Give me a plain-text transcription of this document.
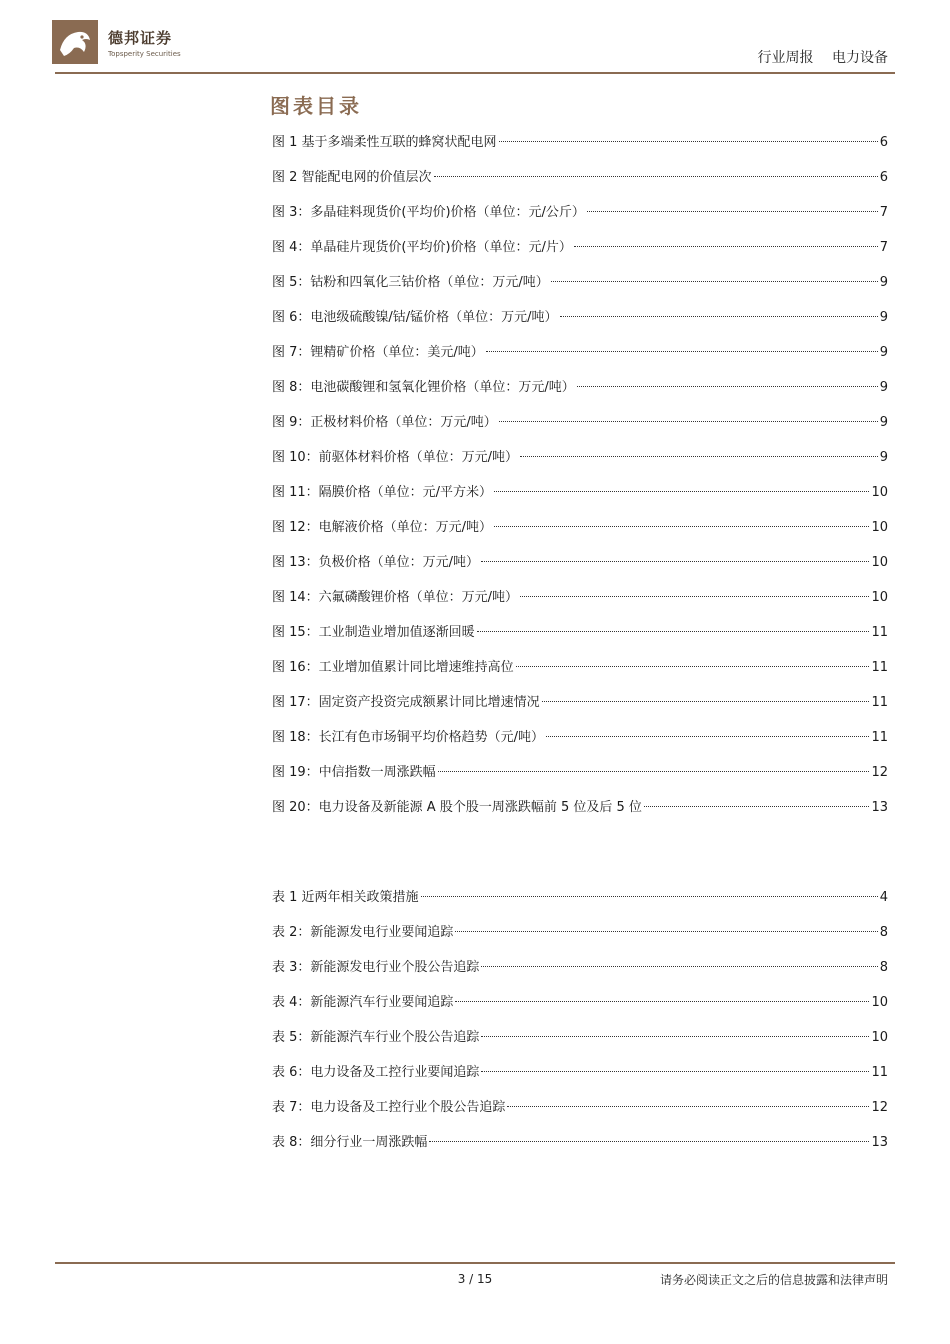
德邦证券
Topsperity Securities	行业周报 电力设备
图表目录
图 1 基于多端柔性互联的蜂窝状配电网	6
图 2 智能配电网的价值层次	6
图 3：多晶硅料现货价(平均价)价格（单位：元/公斤）	7
图 4：单晶硅片现货价(平均价)价格（单位：元/片）	7
图 5：钴粉和四氧化三钴价格（单位：万元/吨）	9
图 6：电池级硫酸镍/钴/锰价格（单位：万元/吨）	9
图 7：锂精矿价格（单位：美元/吨）	9
图 8：电池碳酸锂和氢氧化锂价格（单位：万元/吨）	9
图 9：正极材料价格（单位：万元/吨）	9
图 10：前驱体材料价格（单位：万元/吨）	9
图 11：隔膜价格（单位：元/平方米）	10
图 12：电解液价格（单位：万元/吨）	10
图 13：负极价格（单位：万元/吨）	10
图 14：六氟磷酸锂价格（单位：万元/吨）	10
图 15：工业制造业增加值逐渐回暖	11
图 16：工业增加值累计同比增速维持高位	11
图 17：固定资产投资完成额累计同比增速情况	11
图 18：长江有色市场铜平均价格趋势（元/吨）	11
图 19：中信指数一周涨跌幅	12
图 20：电力设备及新能源 A 股个股一周涨跌幅前 5 位及后 5 位	13
表 1 近两年相关政策措施	4
表 2：新能源发电行业要闻追踪	8
表 3：新能源发电行业个股公告追踪	8
表 4：新能源汽车行业要闻追踪	10
表 5：新能源汽车行业个股公告追踪	10
表 6：电力设备及工控行业要闻追踪	11
表 7：电力设备及工控行业个股公告追踪	12
表 8：细分行业一周涨跌幅	13
3 / 15	请务必阅读正文之后的信息披露和法律声明
